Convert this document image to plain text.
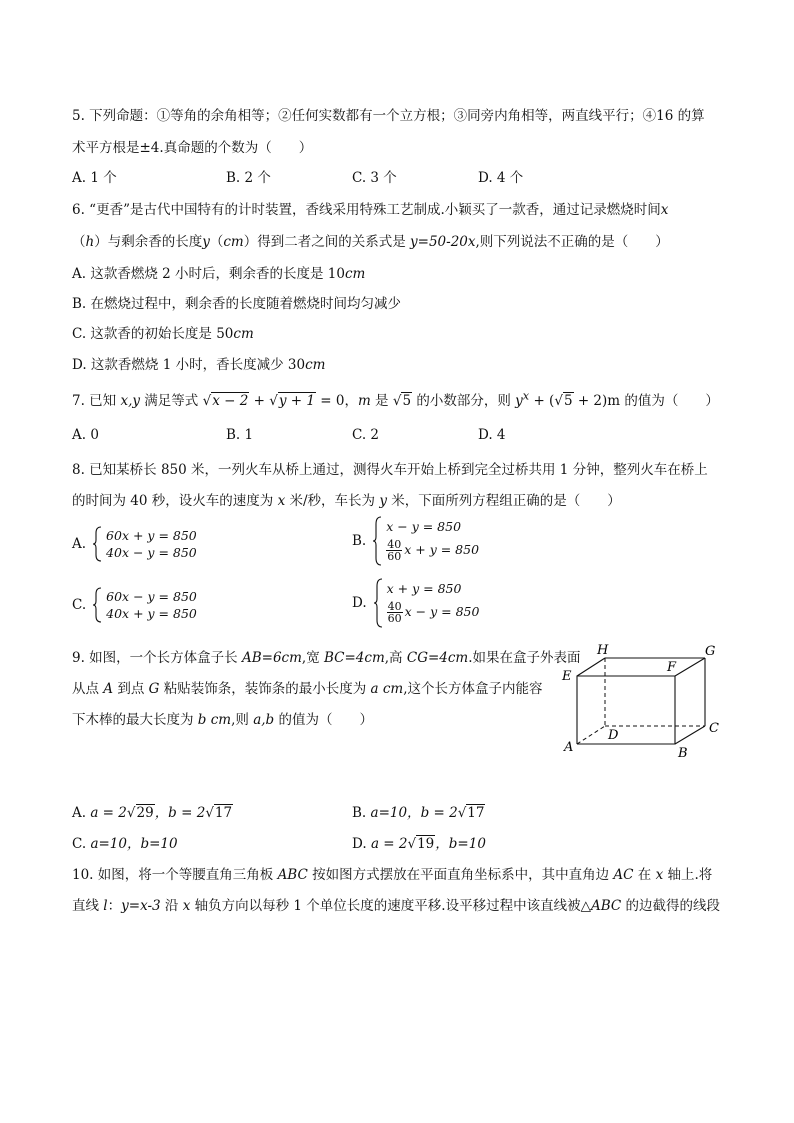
5. 下列命题：①等角的余角相等；②任何实数都有一个立方根；③同旁内角相等，两直线平行；④16 的算
术平方根是±4.真命题的个数为（　　）
A. 1 个	B. 2 个	C. 3 个	D. 4 个
6. “更香”是古代中国特有的计时装置，香线采用特殊工艺制成.小颖买了一款香，通过记录燃烧时间x
（h）与剩余香的长度y（cm）得到二者之间的关系式是 y=50-20x,则下列说法不正确的是（　　）
A. 这款香燃烧 2 小时后，剩余香的长度是 10cm
B. 在燃烧过程中，剩余香的长度随着燃烧时间均匀减少
C. 这款香的初始长度是 50cm
D. 这款香燃烧 1 小时，香长度减少 30cm
7. 已知 x,y 满足等式 √x − 2 + √y + 1 = 0，m 是 √5 的小数部分，则 $y^x + (√5 + 2)m$ 的值为（　　）
A. 0	B. 1	C. 2	D. 4
8. 已知某桥长 850 米，一列火车从桥上通过，测得火车开始上桥到完全过桥共用 1 分钟，整列火车在桥上
的时间为 40 秒，设火车的速度为 x 米/秒，车长为 y 米，下面所列方程组正确的是（　　）
A.
60x + y = 850
40x − y = 850
B.
x − y = 850
$\frac{40}{60}$ x + y = 850
C.
60x − y = 850
40x + y = 850
D.
x + y = 850
$\frac{40}{60}$ x − y = 850
9. 如图，一个长方体盒子长 AB=6cm,宽 BC=4cm,高 CG=4cm.如果在盒子外表面
从点 A 到点 G 粘贴装饰条，装饰条的最小长度为 a cm,这个长方体盒子内能容
下木棒的最大长度为 b cm,则 a,b 的值为（　　）
H	G
E
F
D	C
A	B
A. a = 2√29，b = 2√17	B. a=10，b = 2√17
C. a=10，b=10	D. a = 2√19，b=10
10. 如图，将一个等腰直角三角板 ABC 按如图方式摆放在平面直角坐标系中，其中直角边 AC 在 x 轴上.将
直线 l：y=x-3 沿 x 轴负方向以每秒 1 个单位长度的速度平移.设平移过程中该直线被△ABC 的边截得的线段
